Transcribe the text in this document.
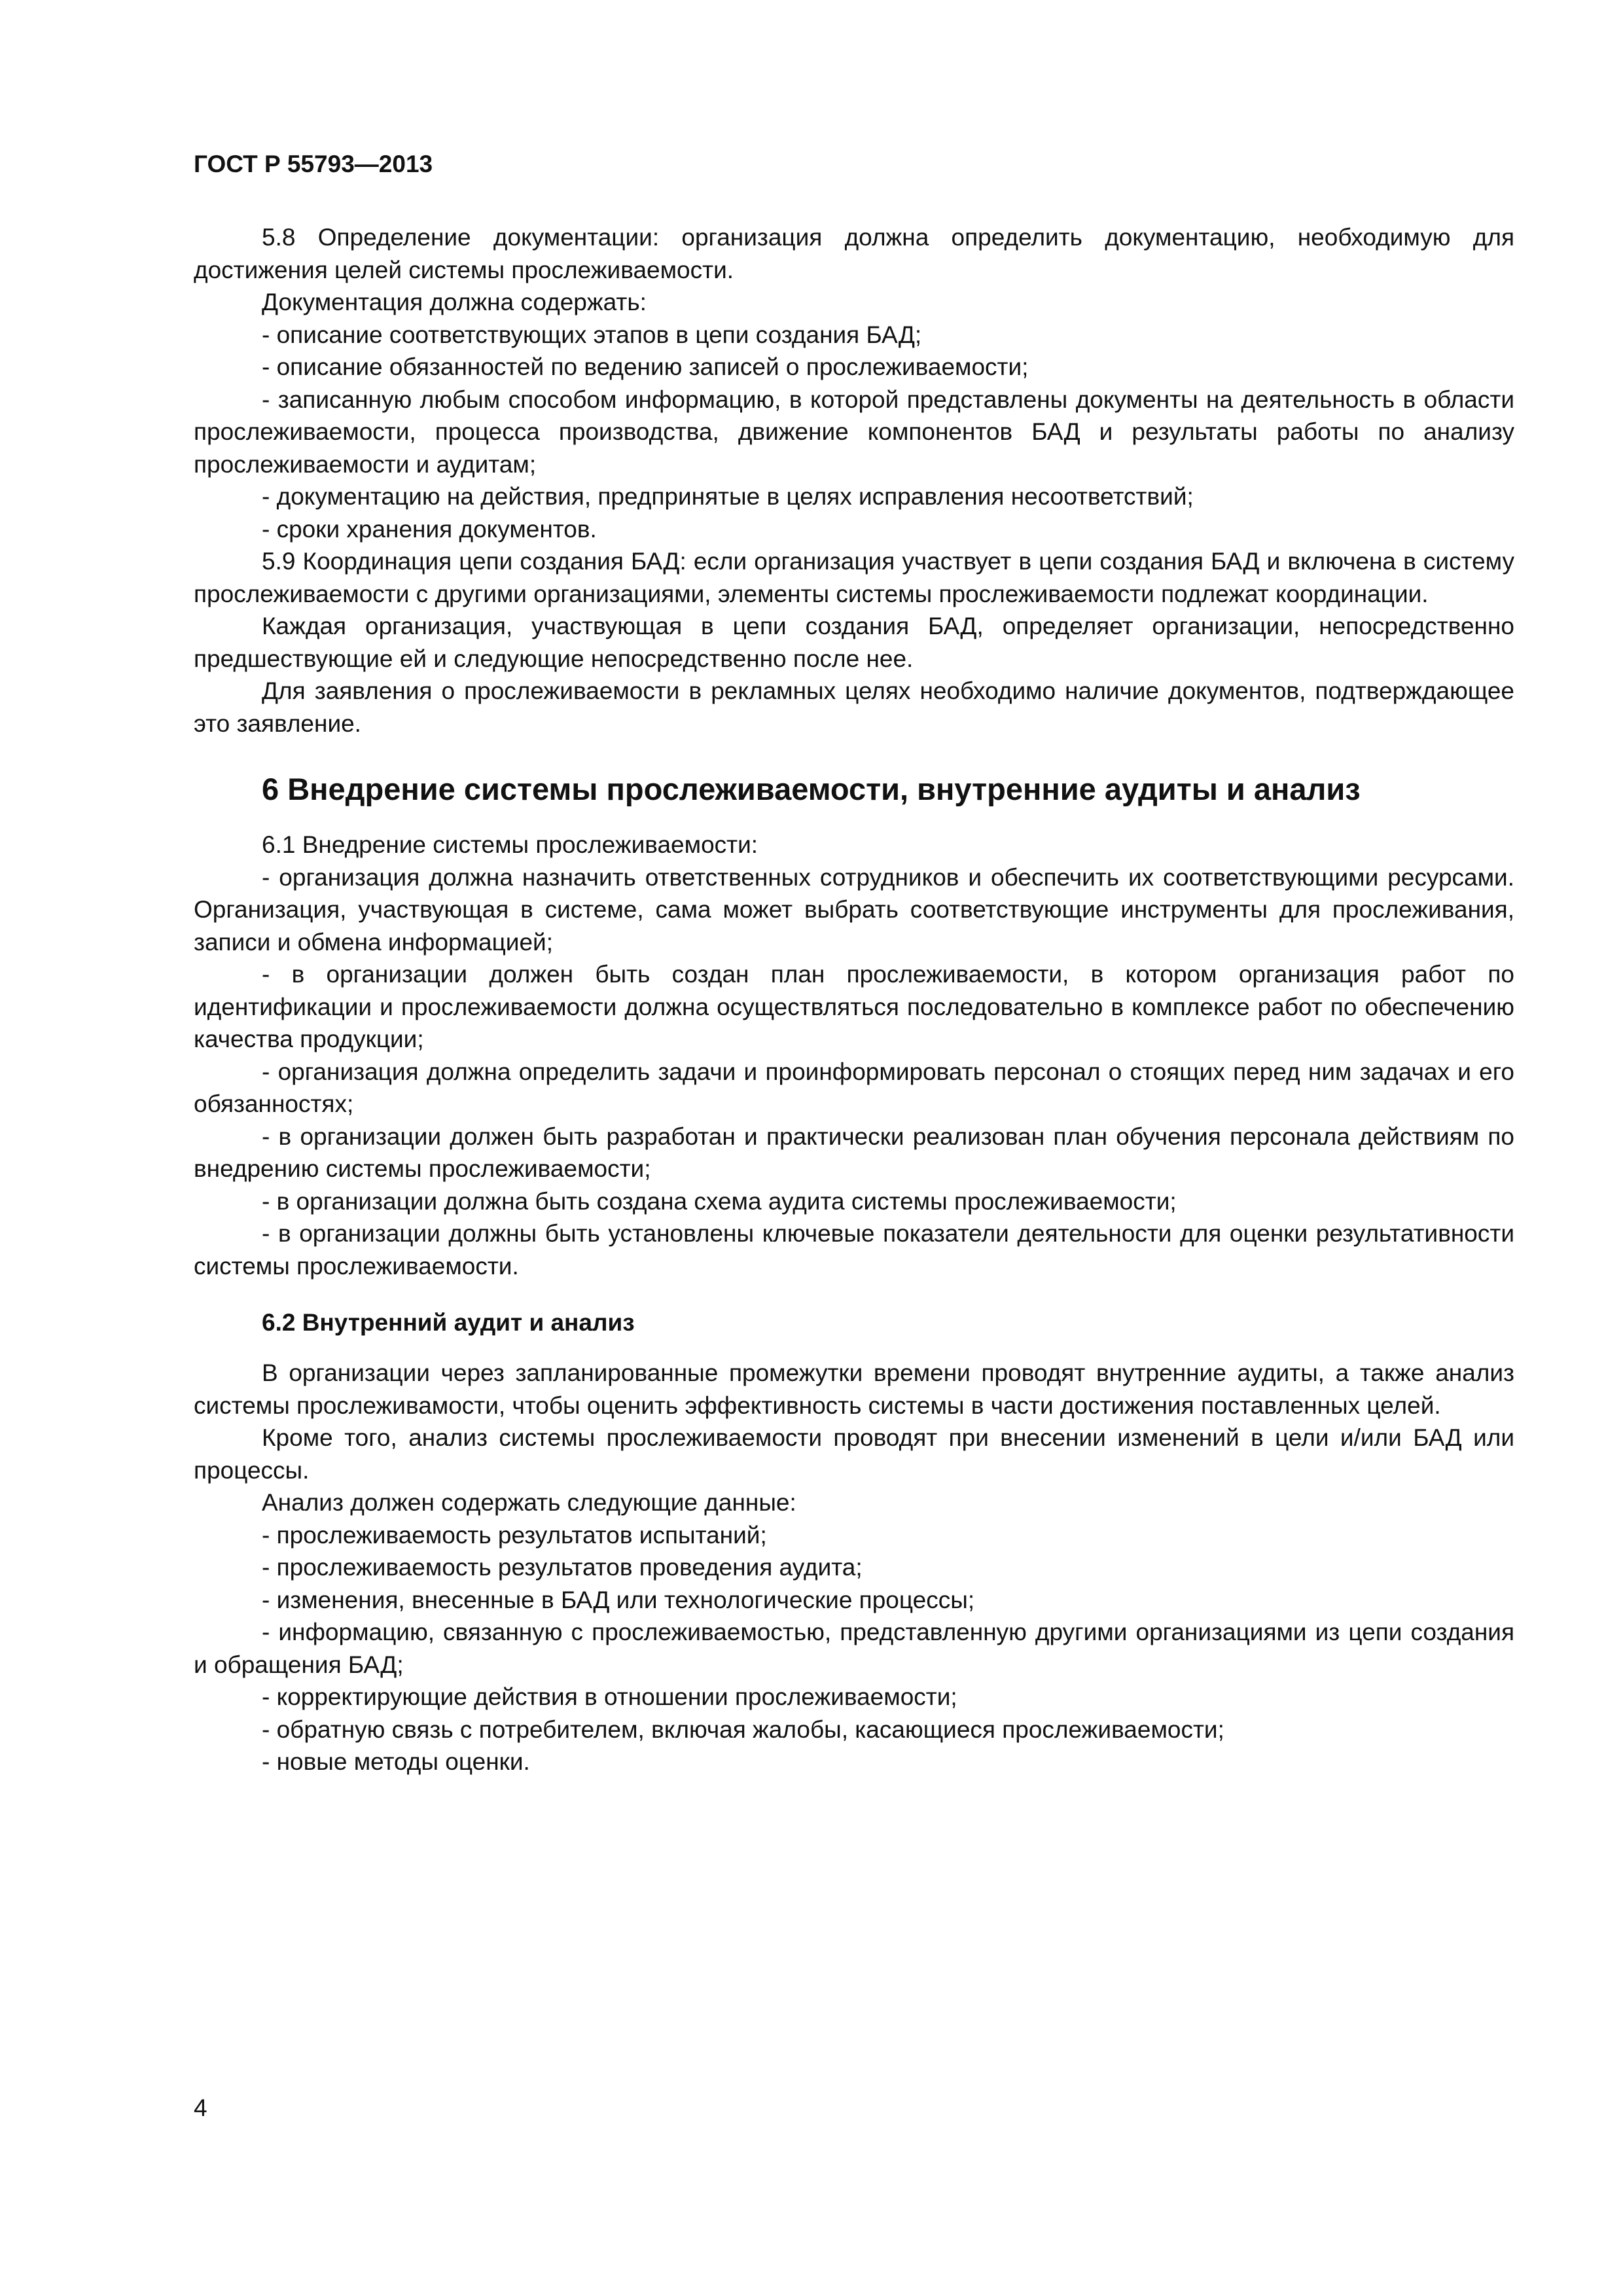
ГОСТ Р 55793—2013

5.8 Определение документации: организация должна определить документацию, необходимую для достижения целей системы прослеживаемости.

Документация должна содержать:

- описание соответствующих этапов в цепи создания БАД;

- описание обязанностей по ведению записей о прослеживаемости;

- записанную любым способом информацию, в которой представлены документы на деятельность в области прослеживаемости, процесса производства, движение компонентов БАД и результаты работы по анализу прослеживаемости и аудитам;

- документацию на действия, предпринятые в целях исправления несоответствий;

- сроки хранения документов.

5.9 Координация цепи создания БАД: если организация участвует в цепи создания БАД и включена в систему прослеживаемости с другими организациями, элементы системы прослеживаемости подлежат координации.

Каждая организация, участвующая в цепи создания БАД, определяет организации, непосредственно предшествующие ей и следующие непосредственно после нее.

Для заявления о прослеживаемости в рекламных целях необходимо наличие документов, подтверждающее это заявление.

6 Внедрение системы прослеживаемости, внутренние аудиты и анализ

6.1 Внедрение системы прослеживаемости:

- организация должна назначить ответственных сотрудников и обеспечить их соответствующими ресурсами. Организация, участвующая в системе, сама может выбрать соответствующие инструменты для прослеживания, записи и обмена информацией;

- в организации должен быть создан план прослеживаемости, в котором организация работ по идентификации и прослеживаемости должна осуществляться последовательно в комплексе работ по обеспечению качества продукции;

- организация должна определить задачи и проинформировать персонал о стоящих перед ним задачах и его обязанностях;

- в организации должен быть разработан и практически реализован план обучения персонала действиям по внедрению системы прослеживаемости;

- в организации должна быть создана схема аудита системы прослеживаемости;

- в организации должны быть установлены ключевые показатели деятельности для оценки результативности системы прослеживаемости.

6.2 Внутренний аудит и анализ

В организации через запланированные промежутки времени проводят внутренние аудиты, а также анализ системы прослеживамости, чтобы оценить эффективность системы в части достижения поставленных целей.

Кроме того, анализ системы прослеживаемости проводят при внесении изменений в цели и/или БАД или процессы.

Анализ должен содержать следующие данные:

- прослеживаемость результатов испытаний;

- прослеживаемость результатов проведения аудита;

- изменения, внесенные в БАД или технологические процессы;

- информацию, связанную с прослеживаемостью, представленную другими организациями из цепи создания и обращения БАД;

- корректирующие действия в отношении прослеживаемости;

- обратную связь с потребителем, включая жалобы, касающиеся прослеживаемости;

- новые методы оценки.

4
